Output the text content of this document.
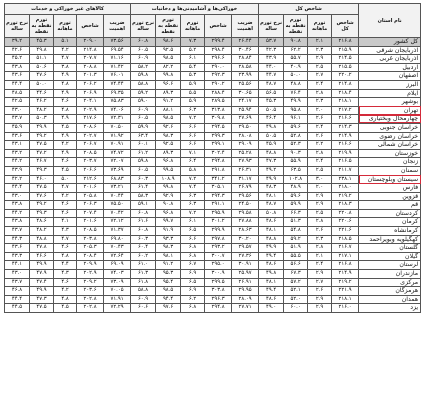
نام استان	شاخص کل				خوراکی‌ها و آشامیدنی‌ها و دخانیات					کالاهای غیر خوراکی و خدمات				
	شاخص کل	تورم ماهانه	تورم نقطه به نقطه	نرخ تورم ساله	ضریب اهمیت	شاخص	تورم ماهانه	تورم نقطه به نقطه	نرخ تورم ساله	ضریب اهمیت	شاخص	تورم ماهانه	تورم نقطه به نقطه	نرخ تورم ساله
کل کشور	۲۱۶.۸	۲.۱	۹۰.۸	۵۳.۷	۲۶.۴۴	۲۹۹.۴	۷.۳	۹۸.۶	۶۰.۸	۷۳.۵۶	۲۰۹.۰	۵.۱	۴۵.۳	۳۹.۲
آذربایجان شرقی	۲۱۵.۹	۲.۳	۶۲.۲	۴۲.۳	۳۰.۴۶	۲۹۸.۴	۵.۲	۹۲.۵	۶۰.۵	۶۹.۵۴	۲۱۴.۸	۴.۲	۴۹.۸	۴۲.۶
آذربایجان غربی	۲۱۴.۵	۲.۹	۵۵.۷	۴۳.۹	۲۸.۸۴	۲۹۶.۶	۶.۱	۹۸.۵	۶۰.۹	۷۱.۱۶	۲۰۷.۷	۴.۷	۵۱.۱	۴۵.۲
اردبیل	۲۱۵.۵	۲.۵	۴۰.۹	۴۴.۰	۲۸.۵۸	۲۹۰.۰	۵.۴	۸۲.۲	۵۸.۲	۷۱.۴۲	۲۰۸.۸	۳.۸	۵۰.۶	۴۳.۸
اصفهان	۲۲۰.۲	۲.۷	۵۰.۰	۴۴.۷	۲۳.۹۹	۲۹۲.۳	۵.۳	۹۹.۸	۵۹.۸	۷۶.۰۱	۲۰۱.۳	۴.۹	۴۷.۶	۴۳.۶
البرز	۲۱۴.۸	۲.۴	۴۸.۸	۴۸.۷	۲۵.۵۶	۲۹۰.۲	۵.۹	۹۶.۶	۵۸.۸	۷۴.۴۴	۲۰۶.۲	۴.۸	۵۰.۰	۴۴.۴
ایلام	۲۱۸.۴	۲.۸	۷۶.۴	۵۶.۵	۳۰.۶۵	۲۸۸.۴	۵.۵	۸۹.۳	۵۹.۲	۶۹.۳۵	۲۰۶.۹	۴.۹	۴۴.۶	۴۸.۵
بوشهر	۲۱۸.۱	۲.۳	۴۹.۹	۴۵.۳	۲۴.۱۷	۲۸۹.۵	۵.۹	۹۱.۲	۵۹.۰	۷۵.۸۳	۲۰۴.۱	۴.۶	۴۶.۲	۴۲.۵
تهران	۲۱۷.۲	۲.۰	۹۵.۸	۵۰.۵	۲۵.۹۴	۳۱۳.۸	۶.۳	۸۸.۱	۶۰.۹	۷۴.۰۶	۲۰۲.۹	۴.۸	۴۸.۲	۴۳.۰
چهارمحال وبختیاری	۲۱۶.۶	۲.۶	۹۶.۱	۴۶.۴	۲۷.۶۹	۳۰۹.۸	۷.۲	۹۸.۵	۶۰.۵	۷۲.۳۱	۲۱۷.۶	۴.۹	۵۰.۳	۴۳.۷
خراسان جنوبی	۲۱۴.۳	۲.۴	۵۹.۶	۴۹.۸	۲۹.۵۰	۲۹۴.۵	۶.۶	۹۲.۶	۵۹.۹	۷۰.۵۰	۲۰۸.۶	۴.۵	۴۹.۹	۴۵.۹
خراسان رضوی	۲۱۴.۹	۲.۶	۵۲.۸	۵۰.۵	۲۸.۰۸	۲۹۹.۳	۶.۶	۹۸.۳	۶۳.۴	۷۱.۹۲	۲۰۲.۷	۴.۹	۴۹.۲	۴۳.۶
خراسان شمالی	۲۱۶.۶	۲.۲	۵۲.۳	۴۵.۹	۲۹.۰۹	۲۹۹.۱	۶.۶	۹۲.۵	۶۰.۱	۷۰.۹۱	۲۰۶.۷	۴.۲	۴۷.۵	۴۳.۱
خوزستان	۲۱۹.۹	۲.۸	۹۰.۳	۴۸.۸	۲۵.۲۸	۳۰۲.۴	۷.۱	۸۹.۳	۶۱.۲	۷۴.۷۲	۲۰۸.۵	۴.۹	۴۷.۲	۴۳.۲
زنجان	۲۱۶.۵	۲.۴	۵۵.۹	۴۷.۳	۲۷.۹۳	۲۹۴.۸	۶.۴	۹۶.۸	۵۹.۸	۷۲.۰۷	۲۰۳.۷	۴.۶	۴۶.۷	۴۴.۲
سمنان	۲۱۱.۷	۲.۵	۶۳.۵	۴۹.۲	۲۶.۳۱	۲۹۱.۸	۵.۸	۹۹.۵	۶۰.۵	۷۳.۶۹	۲۰۶.۶	۴.۵	۴۹.۳	۴۳.۹
سیستان وبلوچستان	۲۳۸.۱	۳.۰	۱۰۲.۸	۴۹.۹	۳۱.۱۷	۳۴۱.۲	۷.۲	۱۰۸.۹	۶۰.۳	۶۸.۸۳	۲۱۲.۶	۵.۰	۴۶.۰	۴۲.۲
فارس	۲۱۸.۰	۲.۰	۴۸.۹	۴۸.۳	۲۶.۷۹	۳۰۵.۱	۷.۴	۹۹.۸	۶۱.۴	۷۳.۲۱	۲۰۱.۶	۴.۷	۴۷.۵	۴۴.۴
قزوین	۲۱۹.۲	۲.۹	۵۹.۶	۴۸.۱	۲۹.۵۶	۲۹۴.۳	۶.۳	۹۲.۹	۵۸.۳	۷۰.۴۴	۲۰۵.۸	۴.۲	۴۷.۶	۴۳.۰
قم	۲۱۸.۳	۲.۹	۵۹.۹	۴۸.۷	۲۴.۵۰	۲۹۱.۱	۶.۳	۹۰.۸	۵۹.۱	۷۵.۵۰	۲۰۶.۳	۴.۶	۴۹.۲	۴۳.۸
کردستان	۲۲۰.۸	۲.۵	۶۶.۳	۵۰.۸	۲۹.۵۸	۲۹۵.۹	۷.۲	۹۶.۸	۶۰.۸	۷۰.۴۲	۲۰۷.۴	۴.۶	۴۹.۳	۴۴.۲
کرمان	۲۲۰.۶	۲.۸	۵۱.۳	۴۸.۶	۲۷.۸۸	۳۰۱.۲	۶.۱	۹۹.۷	۶۱.۶	۷۲.۱۲	۲۰۱.۶	۴.۱	۴۸.۶	۴۳.۸
کرمانشاه	۲۲۱.۶	۲.۶	۵۴.۸	۴۸.۱	۲۸.۶۳	۲۹۹.۹	۶.۵	۹۱.۹	۶۰.۸	۷۱.۳۷	۲۰۸.۵	۴.۳	۴۸.۲	۴۳.۷
کهگیلویه وبویراحمد	۲۱۸.۵	۲.۳	۵۹.۲	۴۸.۸	۳۰.۲۰	۲۹۷.۸	۶.۶	۹۳.۳	۶۰.۳	۶۹.۸۰	۲۰۳.۸	۴.۷	۴۸.۸	۴۴.۳
گلستان	۲۱۶.۷	۲.۸	۵۱.۹	۴۹.۹	۲۹.۵۷	۲۹۳.۲	۶.۸	۹۸.۳	۶۰.۴	۷۰.۴۳	۲۰۵.۳	۴.۶	۴۷.۸	۴۳.۶
گیلان	۲۱۷.۱	۲.۱	۵۵.۵	۴۹.۴	۲۷.۳۶	۳۰۰.۷	۶.۸	۹۸.۱	۶۰.۲	۷۲.۶۴	۲۰۸.۴	۴.۸	۴۶.۶	۴۳.۳
لرستان	۲۱۶.۸	۲.۴	۵۶.۶	۴۸.۶	۳۰.۹۱	۲۹۵.۰	۶.۷	۹۱.۲	۶۱.۰	۶۹.۰۹	۲۰۹.۹	۴.۴	۴۹.۹	۴۴.۱
مازندران	۲۱۴.۹	۲.۹	۶۷.۳	۴۹.۸	۲۵.۹۷	۳۰۰.۹	۶.۹	۹۵.۳	۶۱.۳	۷۴.۰۳	۲۰۲.۹	۴.۳	۴۷.۹	۴۳.۰
مرکزی	۲۱۹.۲	۲.۷	۵۷.۲	۴۸.۱	۲۶.۹۱	۲۹۹.۵	۶.۵	۹۵.۴	۶۱.۸	۷۳.۰۹	۲۰۹.۲	۴.۶	۴۷.۴	۴۳.۷
هرمزگان	۲۲۱.۹	۲.۶	۵۲.۱	۴۹.۴	۲۹.۹۵	۳۰۳.۸	۶.۹	۹۸.۵	۵۸.۸	۷۰.۰۵	۲۰۳.۶	۴.۲	۴۹.۹	۴۶.۸
همدان	۲۱۸.۱	۲.۹	۵۲.۰	۴۸.۶	۲۸.۰۹	۲۹۶.۳	۶.۲	۹۴.۴	۶۰.۹	۷۱.۹۱	۲۰۲.۸	۴.۸	۴۷.۳	۴۴.۴
یزد	۲۱۶.۰	۲.۹	۶۰.۰	۴۹.۰	۲۷.۷۱	۲۹۴.۸	۶.۸	۹۷.۶	۶۰.۶	۷۲.۲۹	۲۰۲.۸	۴.۵	۴۷.۵	۴۴.۵
